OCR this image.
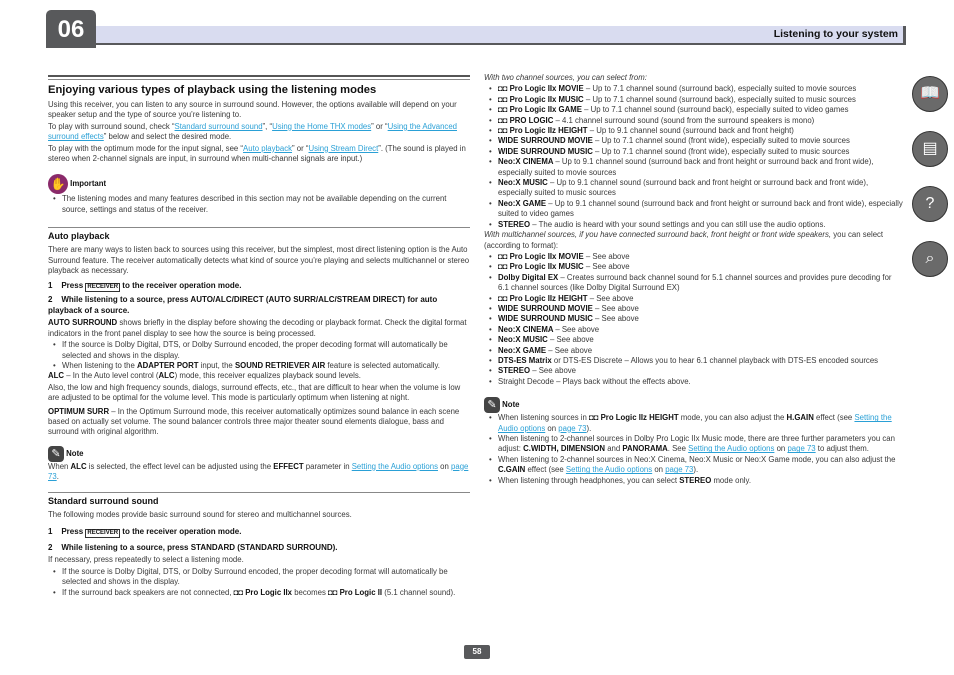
06	Listening to your system
Enjoying various types of playback using the listening modes

Using this receiver, you can listen to any source in surround sound. However, the options available will depend on your speaker setup and the type of source you’re listening to.

To play with surround sound, check “Standard surround sound”, “Using the Home THX modes” or “Using the Advanced surround effects” below and select the desired mode.

To play with the optimum mode for the input signal, see “Auto playback” or “Using Stream Direct”. (The sound is played in stereo when 2-channel signals are input, in surround when multi-channel signals are input.)

✋ Important
• The listening modes and many features described in this section may not be available depending on the current source, settings and status of the receiver.
Auto playback

There are many ways to listen back to sources using this receiver, but the simplest, most direct listening option is the Auto Surround feature. The receiver automatically detects what kind of source you’re playing and selects multichannel or stereo playback as necessary.

1 Press RECEIVER to the receiver operation mode.
2 While listening to a source, press AUTO/ALC/DIRECT (AUTO SURR/ALC/STREAM DIRECT) for auto playback of a source.

AUTO SURROUND shows briefly in the display before showing the decoding or playback format. Check the digital format indicators in the front panel display to see how the source is being processed.

• If the source is Dolby Digital, DTS, or Dolby Surround encoded, the proper decoding format will automatically be selected and shows in the display.
• When listening to the ADAPTER PORT input, the SOUND RETRIEVER AIR feature is selected automatically.

ALC – In the Auto level control (ALC) mode, this receiver equalizes playback sound levels.

Also, the low and high frequency sounds, dialogs, surround effects, etc., that are difficult to hear when the volume is low are adjusted to be optimal for the volume level. This mode is particularly optimum when listening at night.

OPTIMUM SURR – In the Optimum Surround mode, this receiver automatically optimizes sound balance in each scene based on actually set volume. The sound balancer controls three major theater sound elements dialogue, bass and surround with original algorithm.

✎ Note

When ALC is selected, the effect level can be adjusted using the EFFECT parameter in Setting the Audio options on page 73.

Standard surround sound

The following modes provide basic surround sound for stereo and multichannel sources.

1 Press RECEIVER to the receiver operation mode.
2 While listening to a source, press STANDARD (STANDARD SURROUND).

If necessary, press repeatedly to select a listening mode.

• If the source is Dolby Digital, DTS, or Dolby Surround encoded, the proper decoding format will automatically be selected and shows in the display.
• If the surround back speakers are not connected, ◘◘ Pro Logic IIx becomes ◘◘ Pro Logic II (5.1 channel sound).

With two channel sources, you can select from:

• ◘◘ Pro Logic IIx MOVIE – Up to 7.1 channel sound (surround back), especially suited to movie sources
• ◘◘ Pro Logic IIx MUSIC – Up to 7.1 channel sound (surround back), especially suited to music sources
• ◘◘ Pro Logic IIx GAME – Up to 7.1 channel sound (surround back), especially suited to video games
• ◘◘ PRO LOGIC – 4.1 channel surround sound (sound from the surround speakers is mono)
• ◘◘ Pro Logic IIz HEIGHT – Up to 9.1 channel sound (surround back and front height)
• WIDE SURROUND MOVIE – Up to 7.1 channel sound (front wide), especially suited to movie sources
• WIDE SURROUND MUSIC – Up to 7.1 channel sound (front wide), especially suited to music sources
• Neo:X CINEMA – Up to 9.1 channel sound (surround back and front height or surround back and front wide), especially suited to movie sources
• Neo:X MUSIC – Up to 9.1 channel sound (surround back and front height or surround back and front wide), especially suited to music sources
• Neo:X GAME – Up to 9.1 channel sound (surround back and front height or surround back and front wide), especially suited to video games
• STEREO – The audio is heard with your sound settings and you can still use the audio options.

With multichannel sources, if you have connected surround back, front height or front wide speakers, you can select (according to format):

• ◘◘ Pro Logic IIx MOVIE – See above
• ◘◘ Pro Logic IIx MUSIC – See above
• Dolby Digital EX – Creates surround back channel sound for 5.1 channel sources and provides pure decoding for 6.1 channel sources (like Dolby Digital Surround EX)
• ◘◘ Pro Logic IIz HEIGHT – See above
• WIDE SURROUND MOVIE – See above
• WIDE SURROUND MUSIC – See above
• Neo:X CINEMA – See above
• Neo:X MUSIC – See above
• Neo:X GAME – See above
• DTS-ES Matrix or DTS-ES Discrete – Allows you to hear 6.1 channel playback with DTS-ES encoded sources
• STEREO – See above
• Straight Decode – Plays back without the effects above.
✎ Note
• When listening sources in ◘◘ Pro Logic IIz HEIGHT mode, you can also adjust the H.GAIN effect (see Setting the Audio options on page 73).
• When listening to 2-channel sources in Dolby Pro Logic IIx Music mode, there are three further parameters you can adjust: C.WIDTH, DIMENSION and PANORAMA. See Setting the Audio options on page 73 to adjust them.
• When listening to 2-channel sources in Neo:X Cinema, Neo:X Music or Neo:X Game mode, you can also adjust the C.GAIN effect (see Setting the Audio options on page 73).
• When listening through headphones, you can select STEREO mode only.
📖
▤
?
⌕
58
